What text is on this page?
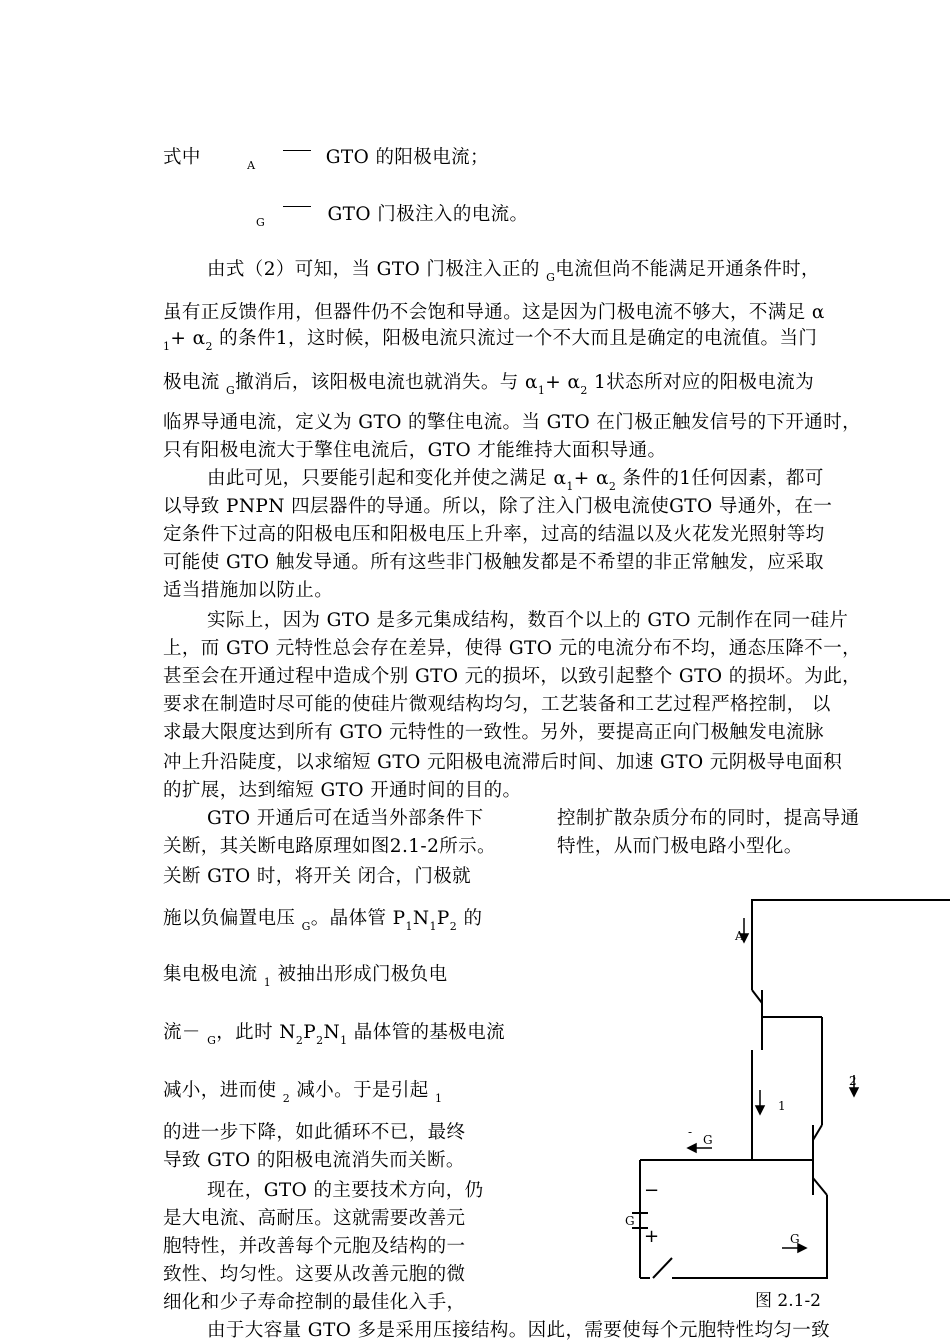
式中	$_A$	GTO 的阳极电流；
$_G$	GTO 门极注入的电流。
由式（2）可知，当 GTO 门极注入正的 $_G$电流但尚不能满足开通条件时，
虽有正反馈作用，但器件仍不会饱和导通。这是因为门极电流不够大，不满足 α
$_1+ \alpha_2$ 的条件1，这时候，阳极电流只流过一个不大而且是确定的电流值。当门
极电流 $_G$撤消后，该阳极电流也就消失。与 $\alpha_1+ \alpha_2$ 1状态所对应的阳极电流为
临界导通电流，定义为 GTO 的擎住电流。当 GTO 在门极正触发信号的下开通时，
只有阳极电流大于擎住电流后，GTO 才能维持大面积导通。
由此可见，只要能引起和变化并使之满足 $\alpha_1+ \alpha_2$ 条件的1任何因素，都可
以导致 PNPN 四层器件的导通。所以，除了注入门极电流使GTO 导通外，在一
定条件下过高的阳极电压和阳极电压上升率，过高的结温以及火花发光照射等均
可能使 GTO 触发导通。所有这些非门极触发都是不希望的非正常触发，应采取
适当措施加以防止。
实际上，因为 GTO 是多元集成结构，数百个以上的 GTO 元制作在同一硅片
上，而 GTO 元特性总会存在差异，使得 GTO 元的电流分布不均，通态压降不一，
甚至会在开通过程中造成个别 GTO 元的损坏，以致引起整个 GTO 的损坏。为此，
要求在制造时尽可能的使硅片微观结构均匀，工艺装备和工艺过程严格控制， 以
求最大限度达到所有 GTO 元特性的一致性。另外，要提高正向门极触发电流脉
冲上升沿陡度，以求缩短 GTO 元阳极电流滞后时间、加速 GTO 元阴极导电面积
的扩展，达到缩短 GTO 开通时间的目的。
GTO 开通后可在适当外部条件下
关断，其关断电路原理如图2.1-2所示。
关断 GTO 时，将开关 闭合，门极就
施以负偏置电压 $_G$。晶体管 $P_1N_1P_2$ 的
集电极电流 $_1$ 被抽出形成门极负电
流－ $_G$，此时 $N_2P_2N_1$ 晶体管的基极电流
减小，进而使 $_2$ 减小。于是引起 $_1$
的进一步下降，如此循环不已，最终
导致 GTO 的阳极电流消失而关断。
控制扩散杂质分布的同时，提高导通
特性，从而门极电路小型化。
现在，GTO 的主要技术方向，仍
是大电流、高耐压。这就需要改善元
胞特性，并改善每个元胞及结构的一
致性、均匀性。这要从改善元胞的微
细化和少子寿命控制的最佳化入手，
由于大容量 GTO 多是采用压接结构。因此，需要使每个元胞特性均匀一致
A
2
1
-
G
G
G
−
+
图 2.1-2
